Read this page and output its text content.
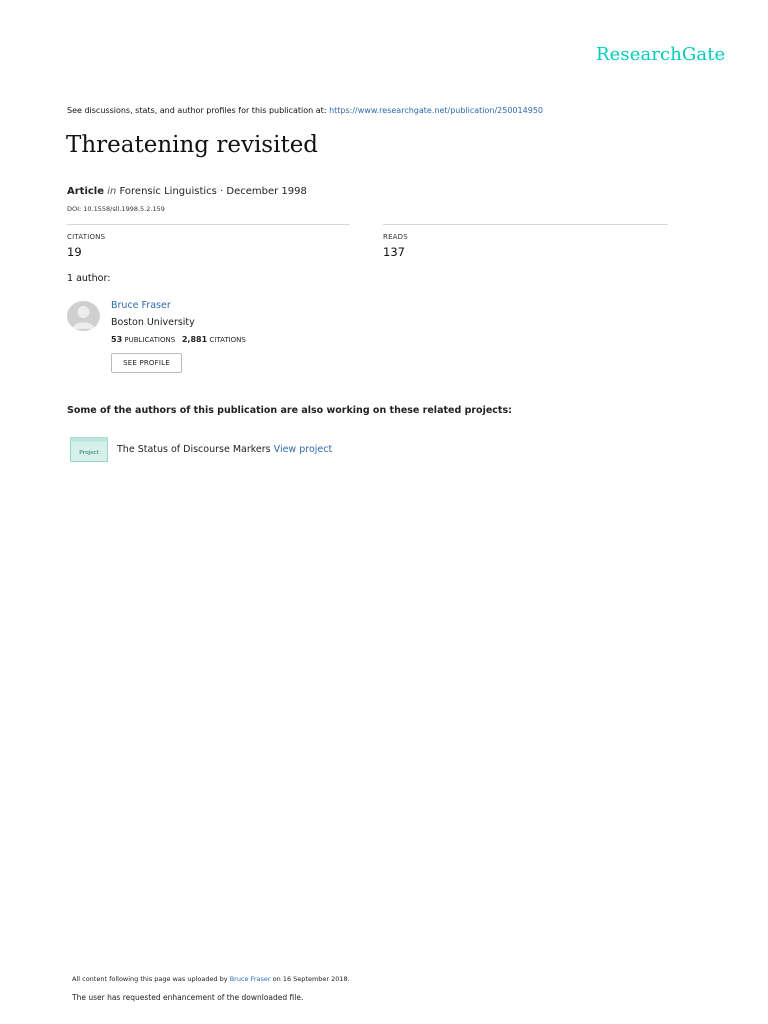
ResearchGate
See discussions, stats, and author profiles for this publication at: https://www.researchgate.net/publication/250014950
Threatening revisited
Article in Forensic Linguistics · December 1998
DOI: 10.1558/sll.1998.5.2.159
CITATIONS
19
READS
137
1 author:
Bruce Fraser
Boston University
53 PUBLICATIONS 2,881 CITATIONS
SEE PROFILE
Some of the authors of this publication are also working on these related projects:
Project The Status of Discourse Markers View project
All content following this page was uploaded by Bruce Fraser on 16 September 2018.
The user has requested enhancement of the downloaded file.
